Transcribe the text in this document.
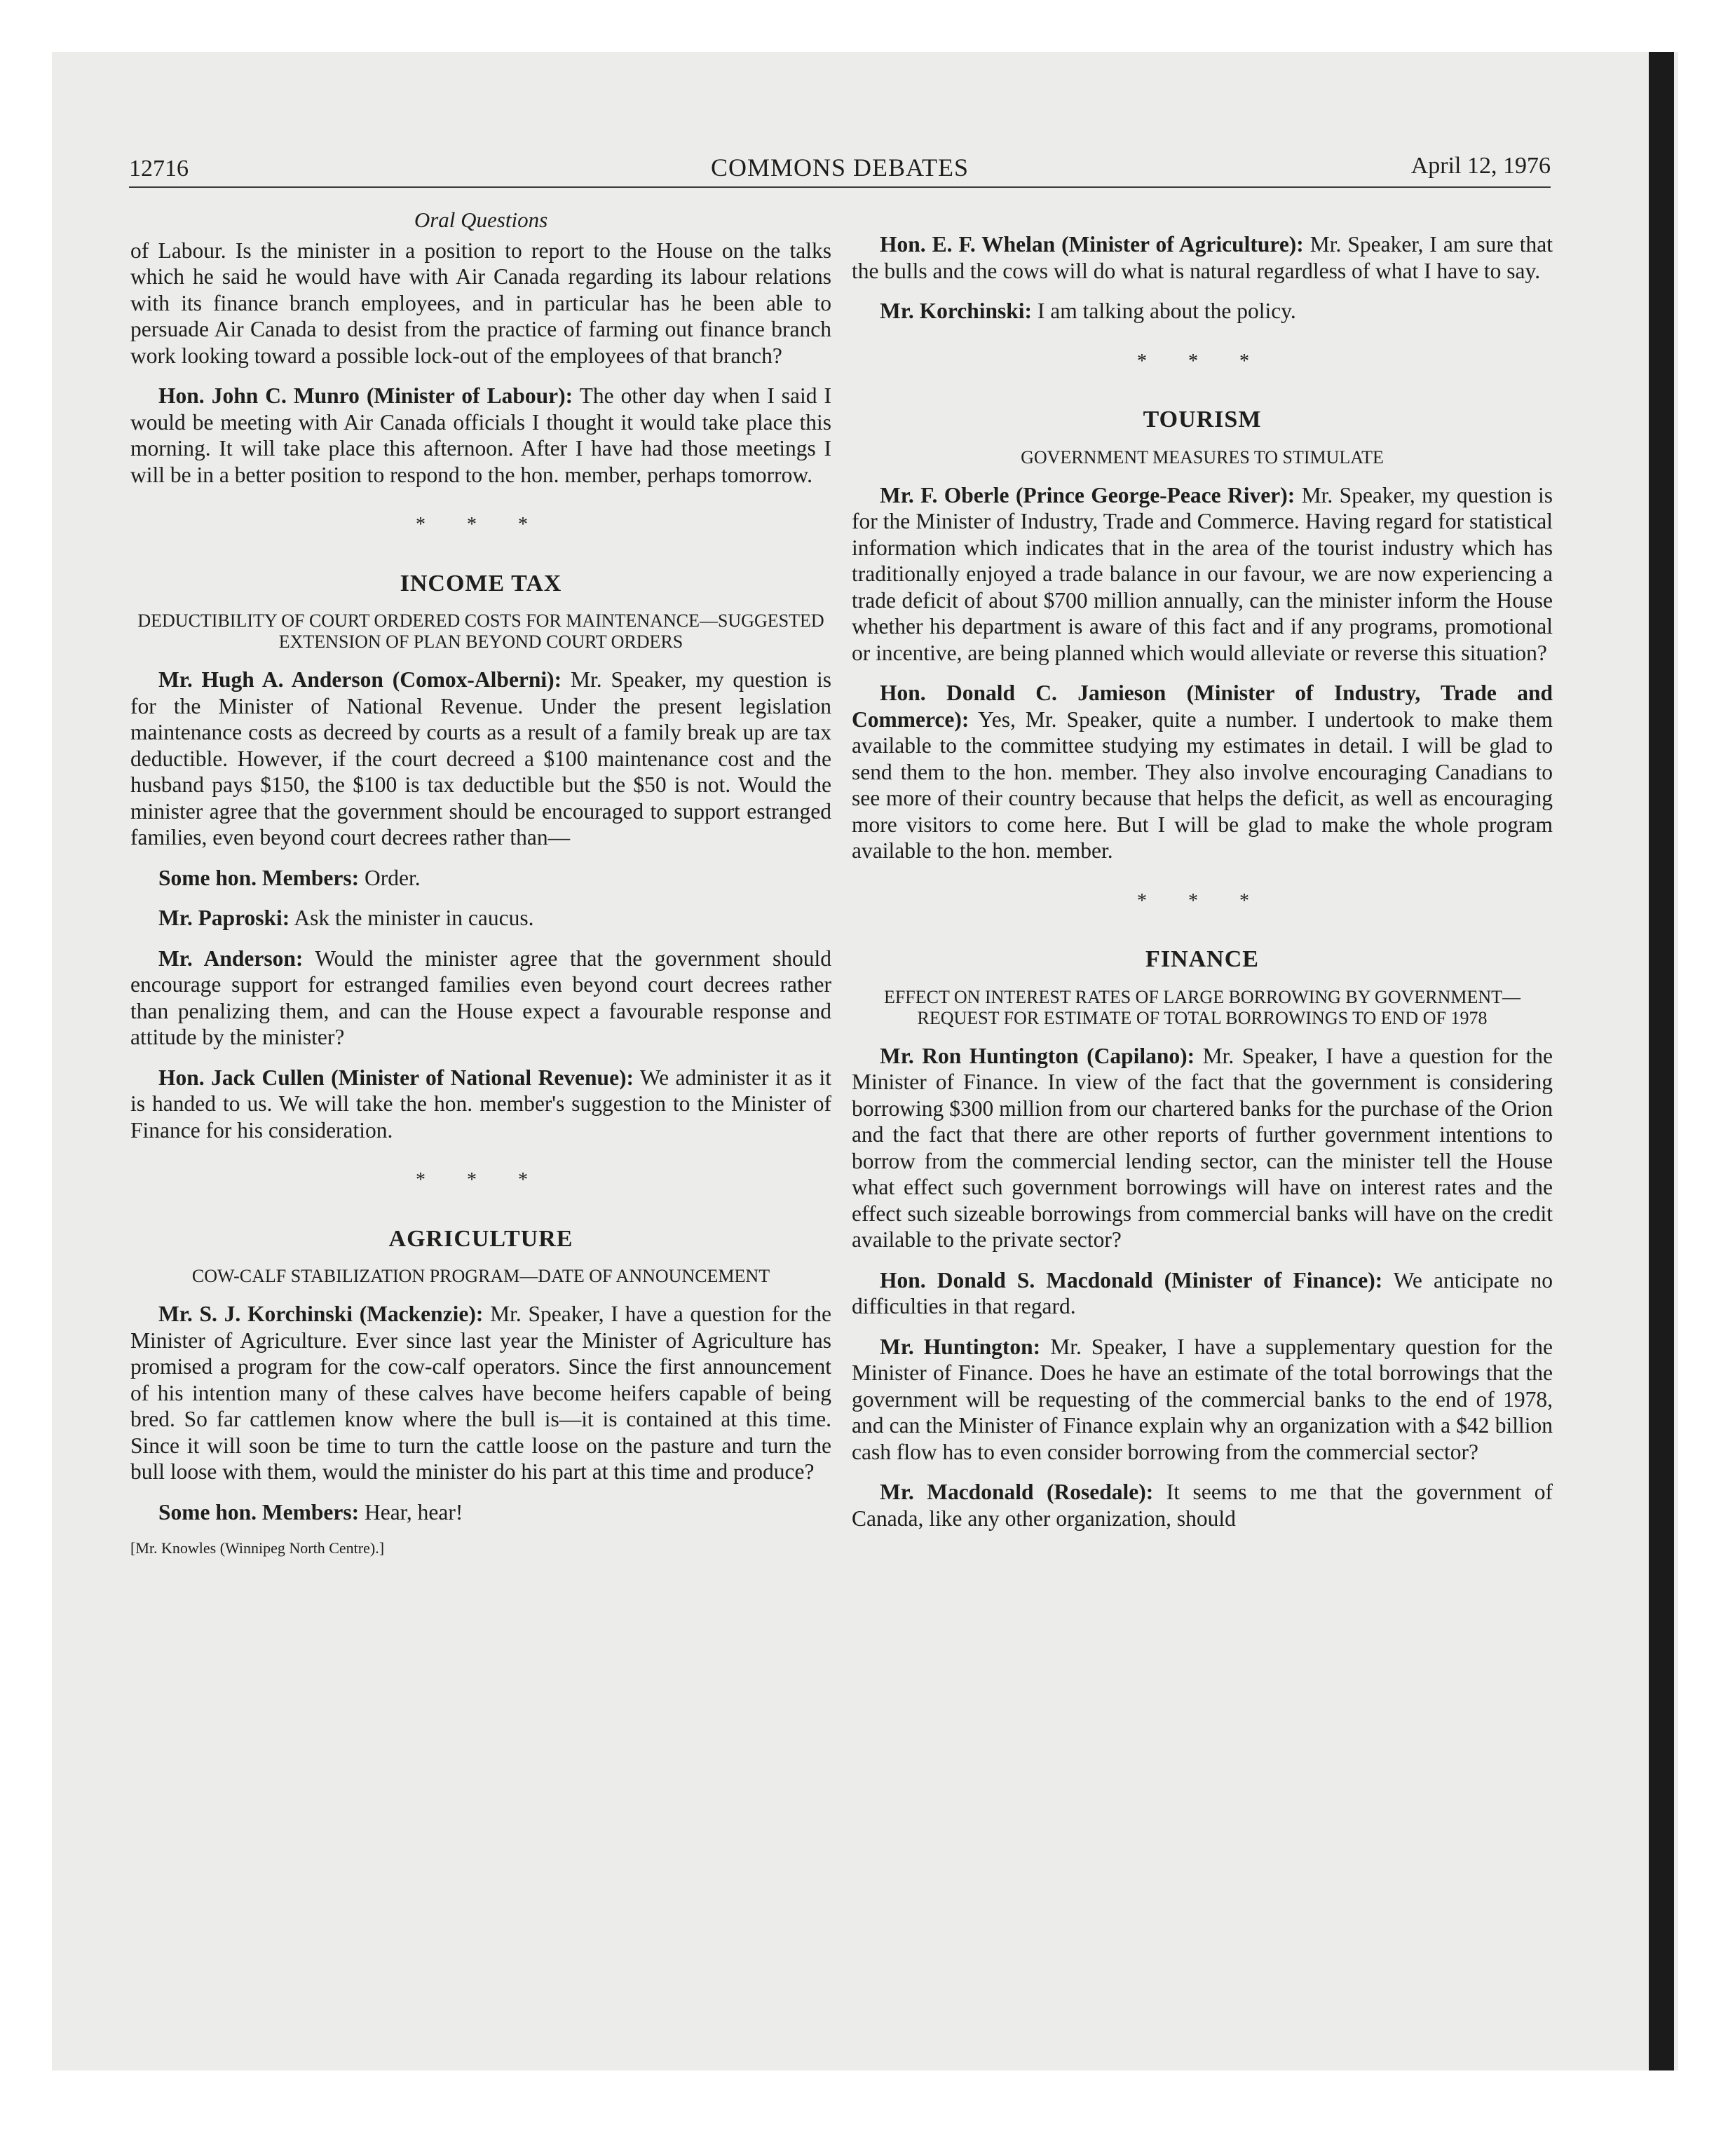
12716	COMMONS DEBATES	April 12, 1976
Oral Questions

of Labour. Is the minister in a position to report to the House on the talks which he said he would have with Air Canada regarding its labour relations with its finance branch employees, and in particular has he been able to persuade Air Canada to desist from the practice of farming out finance branch work looking toward a possible lock-out of the employees of that branch?

Hon. John C. Munro (Minister of Labour): The other day when I said I would be meeting with Air Canada officials I thought it would take place this morning. It will take place this afternoon. After I have had those meetings I will be in a better position to respond to the hon. member, perhaps tomorrow.

* * *
INCOME TAX
DEDUCTIBILITY OF COURT ORDERED COSTS FOR MAINTENANCE—SUGGESTED EXTENSION OF PLAN BEYOND COURT ORDERS

Mr. Hugh A. Anderson (Comox-Alberni): Mr. Speaker, my question is for the Minister of National Revenue. Under the present legislation maintenance costs as decreed by courts as a result of a family break up are tax deductible. However, if the court decreed a $100 maintenance cost and the husband pays $150, the $100 is tax deductible but the $50 is not. Would the minister agree that the government should be encouraged to support estranged families, even beyond court decrees rather than—

Some hon. Members: Order.

Mr. Paproski: Ask the minister in caucus.

Mr. Anderson: Would the minister agree that the government should encourage support for estranged families even beyond court decrees rather than penalizing them, and can the House expect a favourable response and attitude by the minister?

Hon. Jack Cullen (Minister of National Revenue): We administer it as it is handed to us. We will take the hon. member's suggestion to the Minister of Finance for his consideration.

* * *
AGRICULTURE
COW-CALF STABILIZATION PROGRAM—DATE OF ANNOUNCEMENT

Mr. S. J. Korchinski (Mackenzie): Mr. Speaker, I have a question for the Minister of Agriculture. Ever since last year the Minister of Agriculture has promised a program for the cow-calf operators. Since the first announcement of his intention many of these calves have become heifers capable of being bred. So far cattlemen know where the bull is—it is contained at this time. Since it will soon be time to turn the cattle loose on the pasture and turn the bull loose with them, would the minister do his part at this time and produce?

Some hon. Members: Hear, hear!

[Mr. Knowles (Winnipeg North Centre).]

Hon. E. F. Whelan (Minister of Agriculture): Mr. Speaker, I am sure that the bulls and the cows will do what is natural regardless of what I have to say.

Mr. Korchinski: I am talking about the policy.

* * *
TOURISM
GOVERNMENT MEASURES TO STIMULATE

Mr. F. Oberle (Prince George-Peace River): Mr. Speaker, my question is for the Minister of Industry, Trade and Commerce. Having regard for statistical information which indicates that in the area of the tourist industry which has traditionally enjoyed a trade balance in our favour, we are now experiencing a trade deficit of about $700 million annually, can the minister inform the House whether his department is aware of this fact and if any programs, promotional or incentive, are being planned which would alleviate or reverse this situation?

Hon. Donald C. Jamieson (Minister of Industry, Trade and Commerce): Yes, Mr. Speaker, quite a number. I undertook to make them available to the committee studying my estimates in detail. I will be glad to send them to the hon. member. They also involve encouraging Canadians to see more of their country because that helps the deficit, as well as encouraging more visitors to come here. But I will be glad to make the whole program available to the hon. member.

* * *
FINANCE
EFFECT ON INTEREST RATES OF LARGE BORROWING BY GOVERNMENT—REQUEST FOR ESTIMATE OF TOTAL BORROWINGS TO END OF 1978

Mr. Ron Huntington (Capilano): Mr. Speaker, I have a question for the Minister of Finance. In view of the fact that the government is considering borrowing $300 million from our chartered banks for the purchase of the Orion and the fact that there are other reports of further government intentions to borrow from the commercial lending sector, can the minister tell the House what effect such government borrowings will have on interest rates and the effect such sizeable borrowings from commercial banks will have on the credit available to the private sector?

Hon. Donald S. Macdonald (Minister of Finance): We anticipate no difficulties in that regard.

Mr. Huntington: Mr. Speaker, I have a supplementary question for the Minister of Finance. Does he have an estimate of the total borrowings that the government will be requesting of the commercial banks to the end of 1978, and can the Minister of Finance explain why an organization with a $42 billion cash flow has to even consider borrowing from the commercial sector?

Mr. Macdonald (Rosedale): It seems to me that the government of Canada, like any other organization, should
